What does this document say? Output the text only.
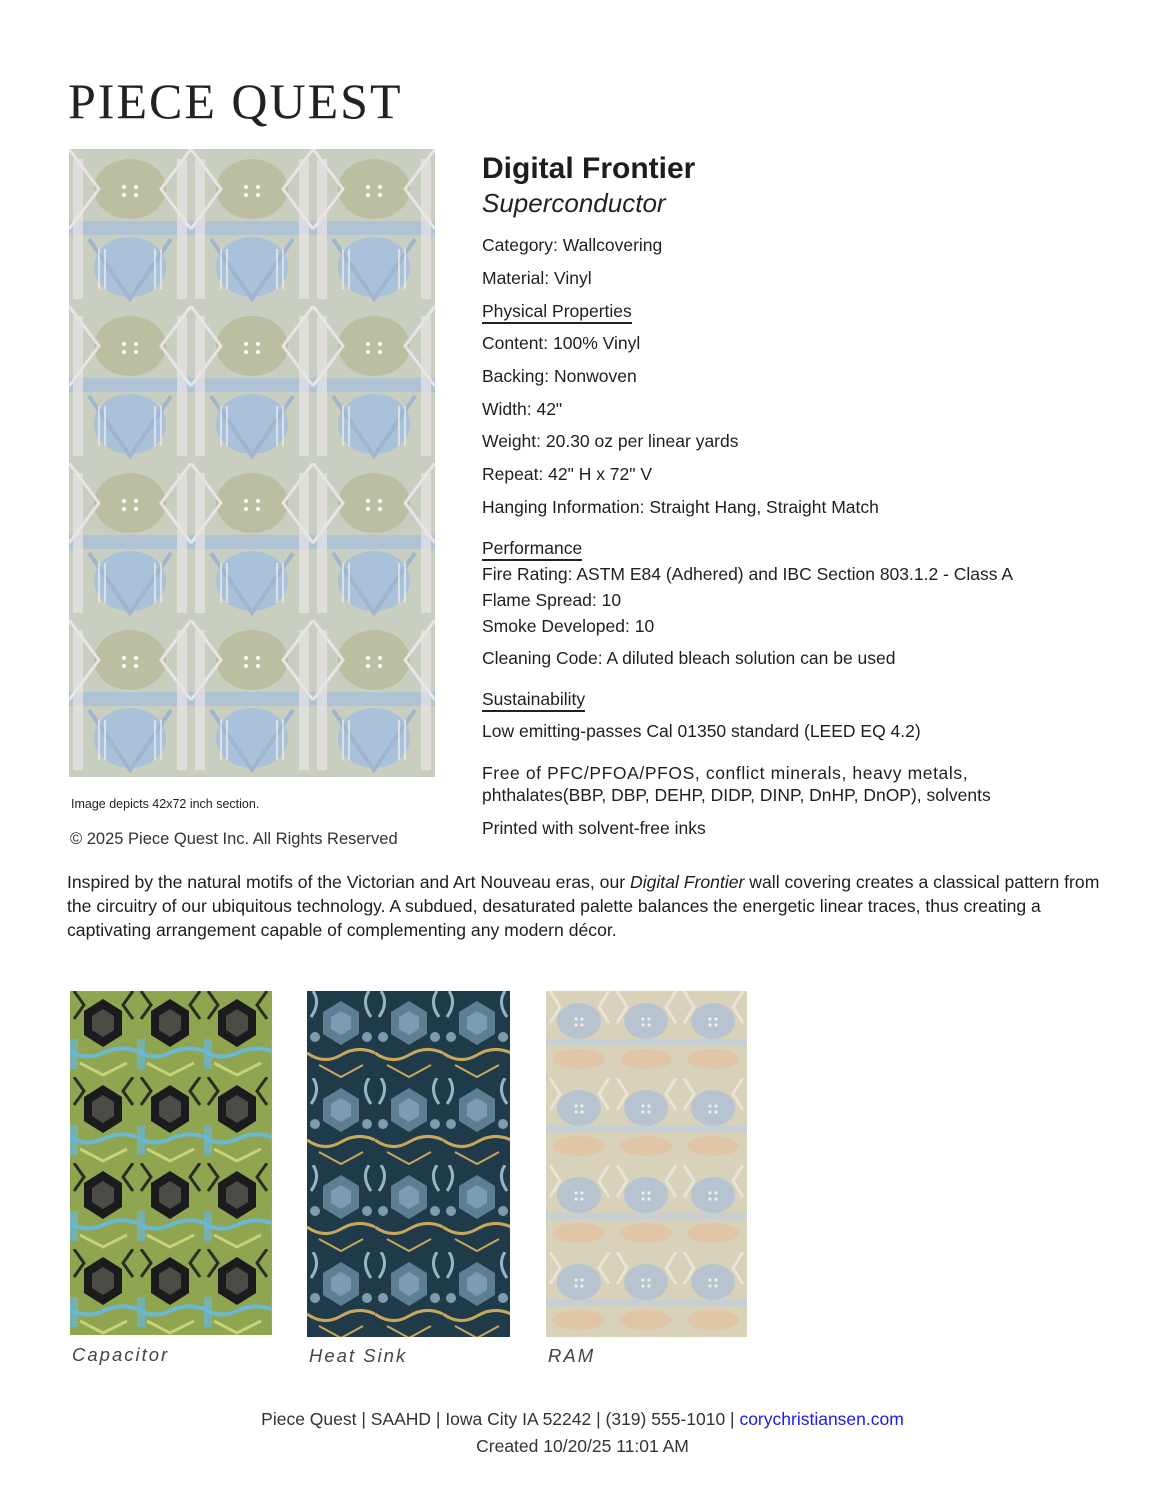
PIECE QUEST
Image depicts 42x72 inch section.
© 2025 Piece Quest Inc. All Rights Reserved
Digital Frontier
Superconductor
Category: Wallcovering
Material: Vinyl
Physical Properties
Content: 100% Vinyl
Backing: Nonwoven
Width: 42"
Weight: 20.30 oz per linear yards
Repeat: 42" H x 72" V
Hanging Information: Straight Hang, Straight Match
Performance
Fire Rating: ASTM E84 (Adhered) and IBC Section 803.1.2 - Class A
Flame Spread: 10
Smoke Developed: 10
Cleaning Code: A diluted bleach solution can be used
Sustainability
Low emitting-passes Cal 01350 standard (LEED EQ 4.2)
Free of PFC/PFOA/PFOS, conflict minerals, heavy metals,
phthalates(BBP, DBP, DEHP, DIDP, DINP, DnHP, DnOP), solvents
Printed with solvent-free inks
Inspired by the natural motifs of the Victorian and Art Nouveau eras, our Digital Frontier wall covering creates a classical pattern from the circuitry of our ubiquitous technology. A subdued, desaturated palette balances the energetic linear traces, thus creating a captivating arrangement capable of complementing any modern décor.
Capacitor	Heat Sink	RAM
Piece Quest | SAAHD | Iowa City IA 52242 | (319) 555-1010 | corychristiansen.com
Created 10/20/25 11:01 AM
